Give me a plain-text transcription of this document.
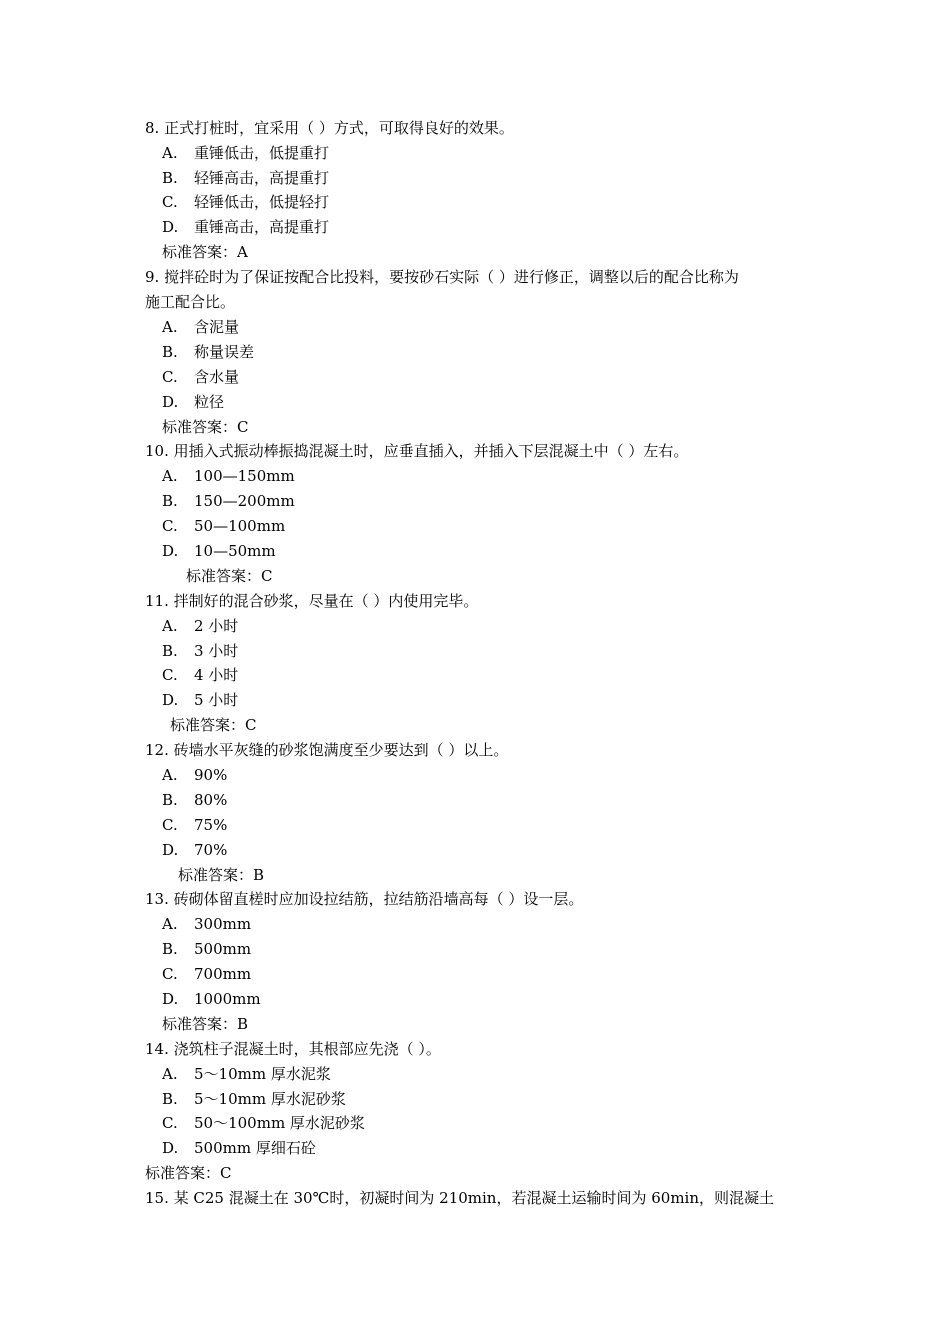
8. 正式打桩时，宜采用（ ）方式，可取得良好的效果。
A. 重锤低击，低提重打
B. 轻锤高击，高提重打
C. 轻锤低击，低提轻打
D. 重锤高击，高提重打
标准答案：A
9. 搅拌砼时为了保证按配合比投料，要按砂石实际（ ）进行修正，调整以后的配合比称为
施工配合比。
A. 含泥量
B. 称量误差
C. 含水量
D. 粒径
标准答案：C
10. 用插入式振动棒振捣混凝土时，应垂直插入，并插入下层混凝土中（ ）左右。
A. 100—150mm
B. 150—200mm
C. 50—100mm
D. 10—50mm
标准答案：C
11. 拌制好的混合砂浆，尽量在（ ）内使用完毕。
A. 2 小时
B. 3 小时
C. 4 小时
D. 5 小时
标准答案：C
12. 砖墙水平灰缝的砂浆饱满度至少要达到（ ）以上。
A. 90%
B. 80%
C. 75%
D. 70%
标准答案：B
13. 砖砌体留直槎时应加设拉结筋，拉结筋沿墙高每（ ）设一层。
A. 300mm
B. 500mm
C. 700mm
D. 1000mm
标准答案：B
14. 浇筑柱子混凝土时，其根部应先浇（ ）。
A. 5～10mm 厚水泥浆
B. 5～10mm 厚水泥砂浆
C. 50～100mm 厚水泥砂浆
D. 500mm 厚细石砼
标准答案：C
15. 某 C25 混凝土在 30℃时，初凝时间为 210min，若混凝土运输时间为 60min，则混凝土
